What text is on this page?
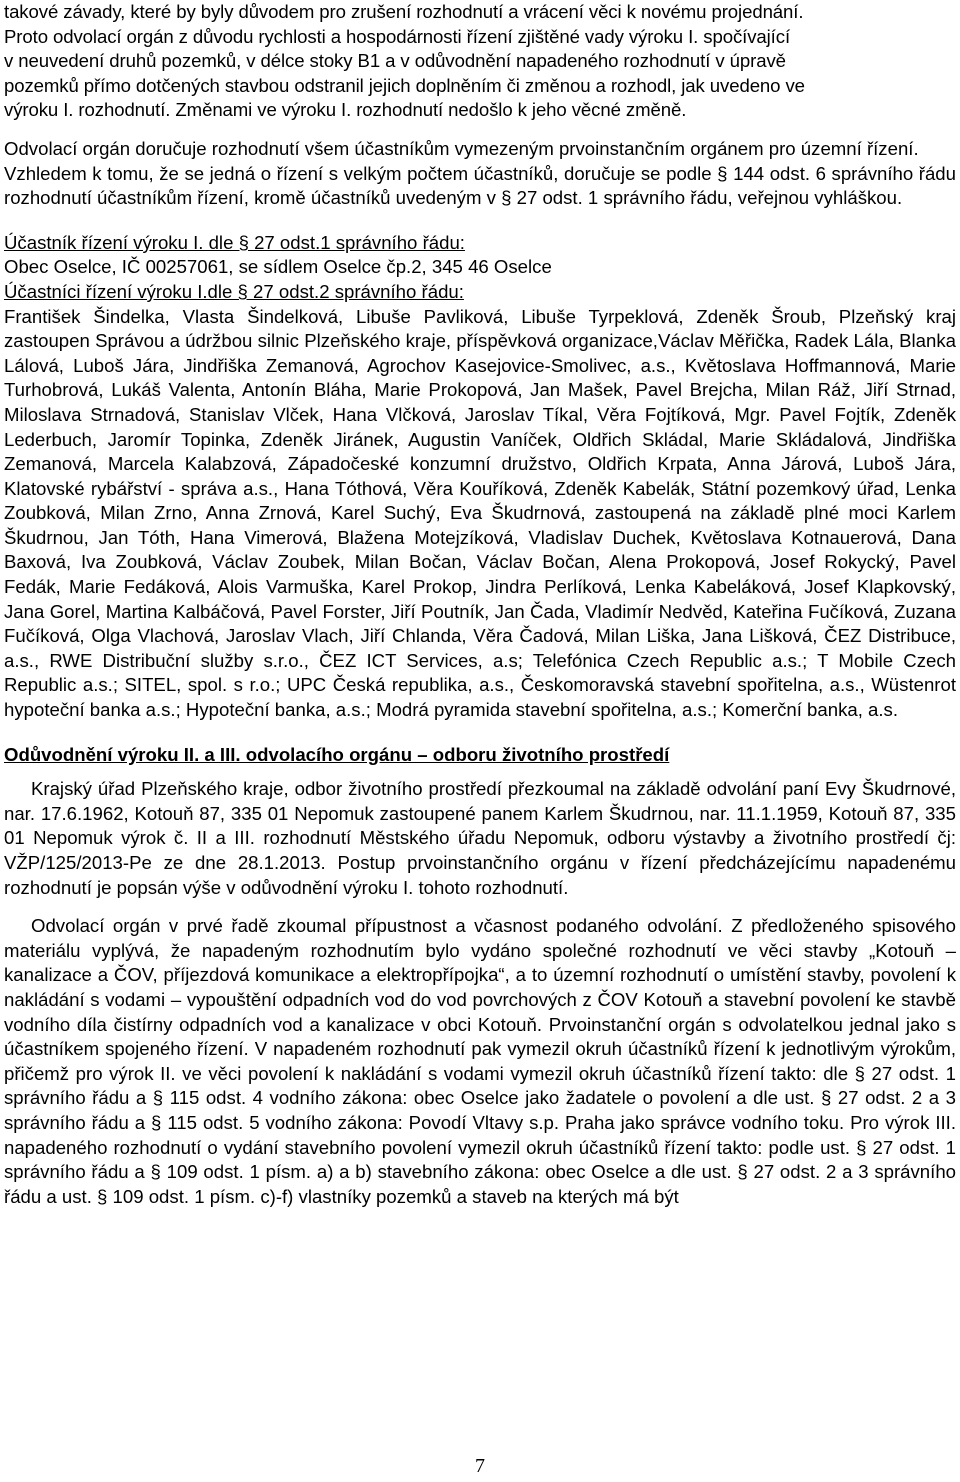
takové závady, které by byly důvodem pro zrušení rozhodnutí a vrácení věci k novému projednání.

Proto odvolací orgán z důvodu rychlosti a hospodárnosti řízení zjištěné vady výroku I. spočívající

v neuvedení druhů pozemků, v délce stoky B1 a v odůvodnění napadeného rozhodnutí v úpravě

pozemků přímo dotčených stavbou odstranil jejich doplněním či změnou a rozhodl, jak uvedeno ve

výroku I. rozhodnutí. Změnami ve výroku I. rozhodnutí nedošlo k jeho věcné změně.

Odvolací orgán doručuje rozhodnutí všem účastníkům vymezeným prvoinstančním orgánem pro územní řízení.

Vzhledem k tomu, že se jedná o řízení s velkým počtem účastníků, doručuje se podle § 144 odst. 6 správního řádu rozhodnutí účastníkům řízení, kromě účastníků uvedeným v § 27 odst. 1 správního řádu, veřejnou vyhláškou.

Účastník řízení výroku I. dle § 27 odst.1 správního řádu:

Obec Oselce, IČ 00257061, se sídlem Oselce čp.2, 345 46 Oselce

Účastníci řízení výroku I.dle § 27 odst.2 správního řádu:

František Šindelka, Vlasta Šindelková, Libuše Pavliková, Libuše Tyrpeklová, Zdeněk Šroub, Plzeňský kraj zastoupen Správou a údržbou silnic Plzeňského kraje, příspěvková organizace,Václav Měřička, Radek Lála, Blanka Lálová, Luboš Jára, Jindřiška Zemanová, Agrochov Kasejovice-Smolivec, a.s., Květoslava Hoffmannová, Marie Turhobrová, Lukáš Valenta, Antonín Bláha, Marie Prokopová, Jan Mašek, Pavel Brejcha, Milan Ráž, Jiří Strnad, Miloslava Strnadová, Stanislav Vlček, Hana Vlčková, Jaroslav Tíkal, Věra Fojtíková, Mgr. Pavel Fojtík, Zdeněk Lederbuch, Jaromír Topinka, Zdeněk Jiránek, Augustin Vaníček, Oldřich Skládal, Marie Skládalová, Jindřiška Zemanová, Marcela Kalabzová, Západočeské konzumní družstvo, Oldřich Krpata, Anna Járová, Luboš Jára, Klatovské rybářství - správa a.s., Hana Tóthová, Věra Kouříková, Zdeněk Kabelák, Státní pozemkový úřad, Lenka Zoubková, Milan Zrno, Anna Zrnová, Karel Suchý, Eva Škudrnová, zastoupená na základě plné moci Karlem Škudrnou, Jan Tóth, Hana Vimerová, Blažena Motejzíková, Vladislav Duchek, Květoslava Kotnauerová, Dana Baxová, Iva Zoubková, Václav Zoubek, Milan Bočan, Václav Bočan, Alena Prokopová, Josef Rokycký, Pavel Fedák, Marie Fedáková, Alois Varmuška, Karel Prokop, Jindra Perlíková, Lenka Kabeláková, Josef Klapkovský, Jana Gorel, Martina Kalbáčová, Pavel Forster, Jiří Poutník, Jan Čada, Vladimír Nedvěd, Kateřina Fučíková, Zuzana Fučíková, Olga Vlachová, Jaroslav Vlach, Jiří Chlanda, Věra Čadová, Milan Liška, Jana Lišková, ČEZ Distribuce, a.s., RWE Distribuční služby s.r.o., ČEZ ICT Services, a.s; Telefónica Czech Republic a.s.; T Mobile Czech Republic a.s.; SITEL, spol. s r.o.; UPC Česká republika, a.s., Českomoravská stavební spořitelna, a.s., Wüstenrot hypoteční banka a.s.; Hypoteční banka, a.s.; Modrá pyramida stavební spořitelna, a.s.; Komerční banka, a.s.

Odůvodnění výroku II. a III. odvolacího orgánu – odboru životního prostředí

Krajský úřad Plzeňského kraje, odbor životního prostředí přezkoumal na základě odvolání paní Evy Škudrnové, nar. 17.6.1962, Kotouň 87, 335 01 Nepomuk zastoupené panem Karlem Škudrnou, nar. 11.1.1959, Kotouň 87, 335 01 Nepomuk výrok č. II a III. rozhodnutí Městského úřadu Nepomuk, odboru výstavby a životního prostředí čj: VŽP/125/2013-Pe ze dne 28.1.2013. Postup prvoinstančního orgánu v řízení předcházejícímu napadenému rozhodnutí je popsán výše v odůvodnění výroku I. tohoto rozhodnutí.

Odvolací orgán v prvé řadě zkoumal přípustnost a včasnost podaného odvolání. Z předloženého spisového materiálu vyplývá, že napadeným rozhodnutím bylo vydáno společné rozhodnutí ve věci stavby „Kotouň – kanalizace a ČOV, příjezdová komunikace a elektropřípojka“, a to územní rozhodnutí o umístění stavby, povolení k nakládání s vodami – vypouštění odpadních vod do vod povrchových z ČOV Kotouň a stavební povolení ke stavbě vodního díla čistírny odpadních vod a kanalizace v obci Kotouň. Prvoinstanční orgán s odvolatelkou jednal jako s účastníkem spojeného řízení. V napadeném rozhodnutí pak vymezil okruh účastníků řízení k jednotlivým výrokům, přičemž pro výrok II. ve věci povolení k nakládání s vodami vymezil okruh účastníků řízení takto: dle § 27 odst. 1 správního řádu a § 115 odst. 4 vodního zákona: obec Oselce jako žadatele o povolení a dle ust. § 27 odst. 2 a 3 správního řádu a § 115 odst. 5 vodního zákona: Povodí Vltavy s.p. Praha jako správce vodního toku. Pro výrok III. napadeného rozhodnutí o vydání stavebního povolení vymezil okruh účastníků řízení takto: podle ust. § 27 odst. 1 správního řádu a § 109 odst. 1 písm. a) a b) stavebního zákona: obec Oselce a dle ust. § 27 odst. 2 a 3 správního řádu a ust. § 109 odst. 1 písm. c)-f) vlastníky pozemků a staveb na kterých má být

7
